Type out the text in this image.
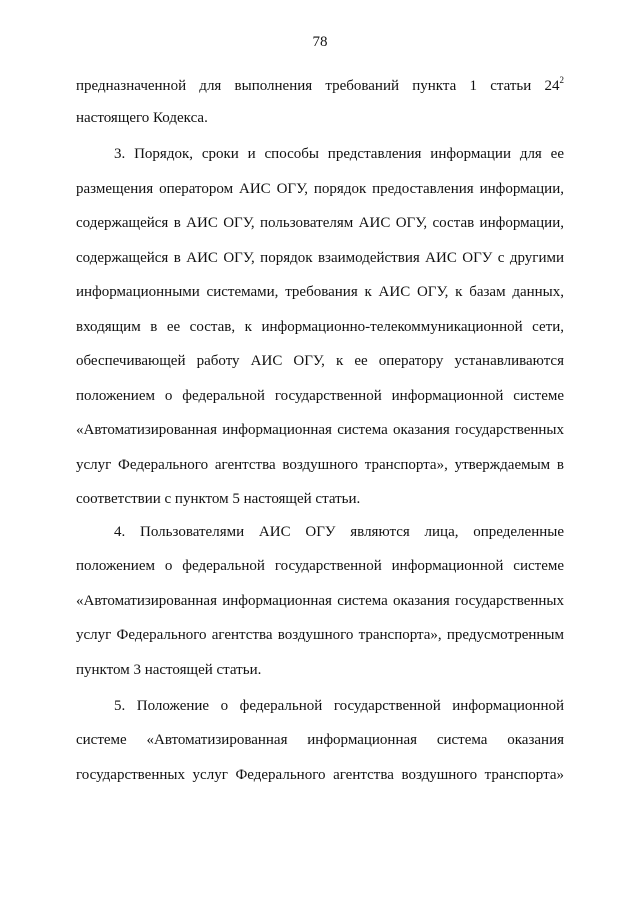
78
предназначенной для выполнения требований пункта 1 статьи $24^2$
настоящего Кодекса.
3. Порядок, сроки и способы представления информации для ее
размещения оператором АИС ОГУ, порядок предоставления информации,
содержащейся в АИС ОГУ, пользователям АИС ОГУ, состав информации,
содержащейся в АИС ОГУ, порядок взаимодействия АИС ОГУ с другими
информационными системами, требования к АИС ОГУ, к базам данных,
входящим в ее состав, к информационно-телекоммуникационной сети,
обеспечивающей работу АИС ОГУ, к ее оператору устанавливаются
положением о федеральной государственной информационной системе
«Автоматизированная информационная система оказания государственных
услуг Федерального агентства воздушного транспорта», утверждаемым в
соответствии с пунктом 5 настоящей статьи.
4. Пользователями АИС ОГУ являются лица, определенные
положением о федеральной государственной информационной системе
«Автоматизированная информационная система оказания государственных
услуг Федерального агентства воздушного транспорта», предусмотренным
пунктом 3 настоящей статьи.
5. Положение о федеральной государственной информационной
системе «Автоматизированная информационная система оказания
государственных услуг Федерального агентства воздушного транспорта»
